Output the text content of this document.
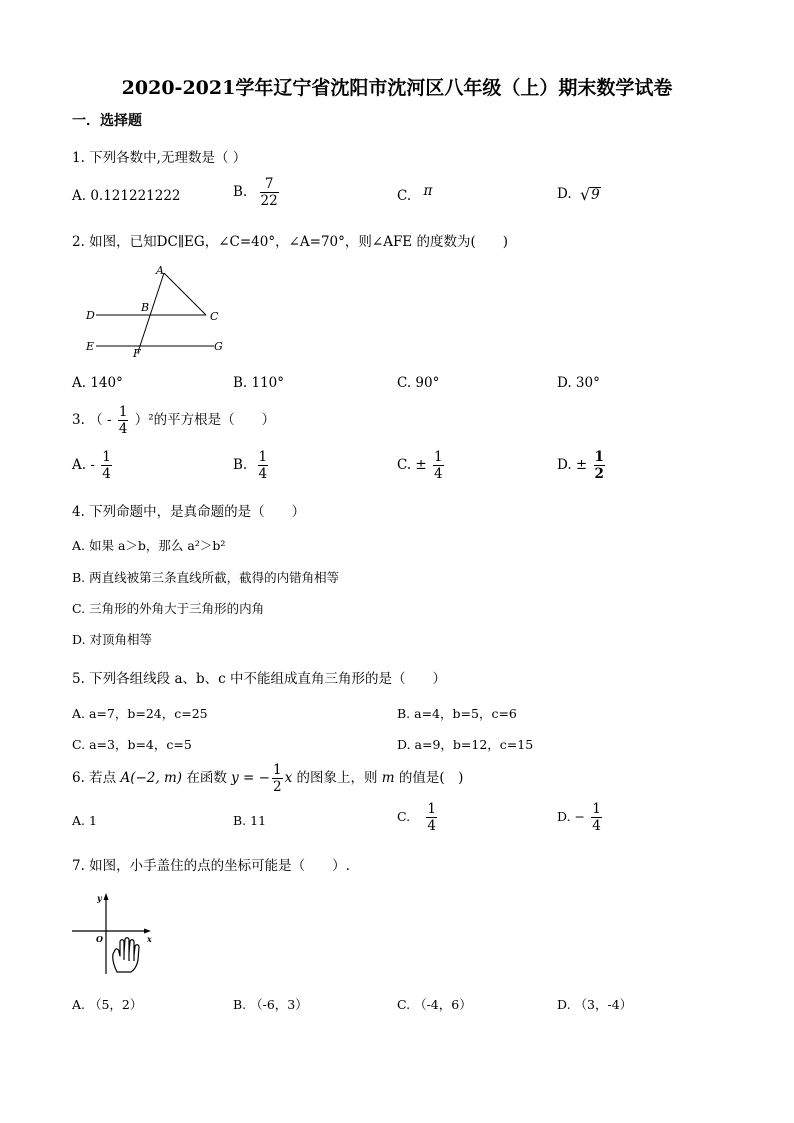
2020-2021学年辽宁省沈阳市沈河区八年级（上）期末数学试卷
一．选择题
1. 下列各数中,无理数是（ ）
A. 0.121221222	B. $\frac{7}{22}$	C. π	D. √ 9
2. 如图，已知DC∥EG，∠C=40°，∠A=70°，则∠AFE 的度数为(　　)
A
B
C
D
E
F
G
A. 140°	B. 110°	C. 90°	D. 30°
3. （ - $\frac{1}{4} )^2$的平方根是（　　）
A. - $\frac{1}{4}$	B. $\frac{1}{4}$	C. ± $\frac{1}{4}$	D. ± $\frac{1}{2}$
4. 下列命题中，是真命题的是（　　）
A. 如果 a＞b，那么 a²＞b²
B. 两直线被第三条直线所截，截得的内错角相等
C. 三角形的外角大于三角形的内角
D. 对顶角相等
5. 下列各组线段 a、b、c 中不能组成直角三角形的是（　　）
A. a=7，b=24，c=25	B. a=4，b=5，c=6
C. a=3，b=4，c=5	D. a=9，b=12，c=15
6. 若点 A(−2, m) 在函数 y = − $\frac{1}{2}$ x 的图象上，则 m 的值是(　)
A. 1	B. 11	C. $\frac{1}{4}$	D. − $\frac{1}{4}$
7. 如图，小手盖住的点的坐标可能是（　　）.
y
x
O
A. （5，2）	B. （-6，3）	C. （-4，6）	D. （3，-4）
